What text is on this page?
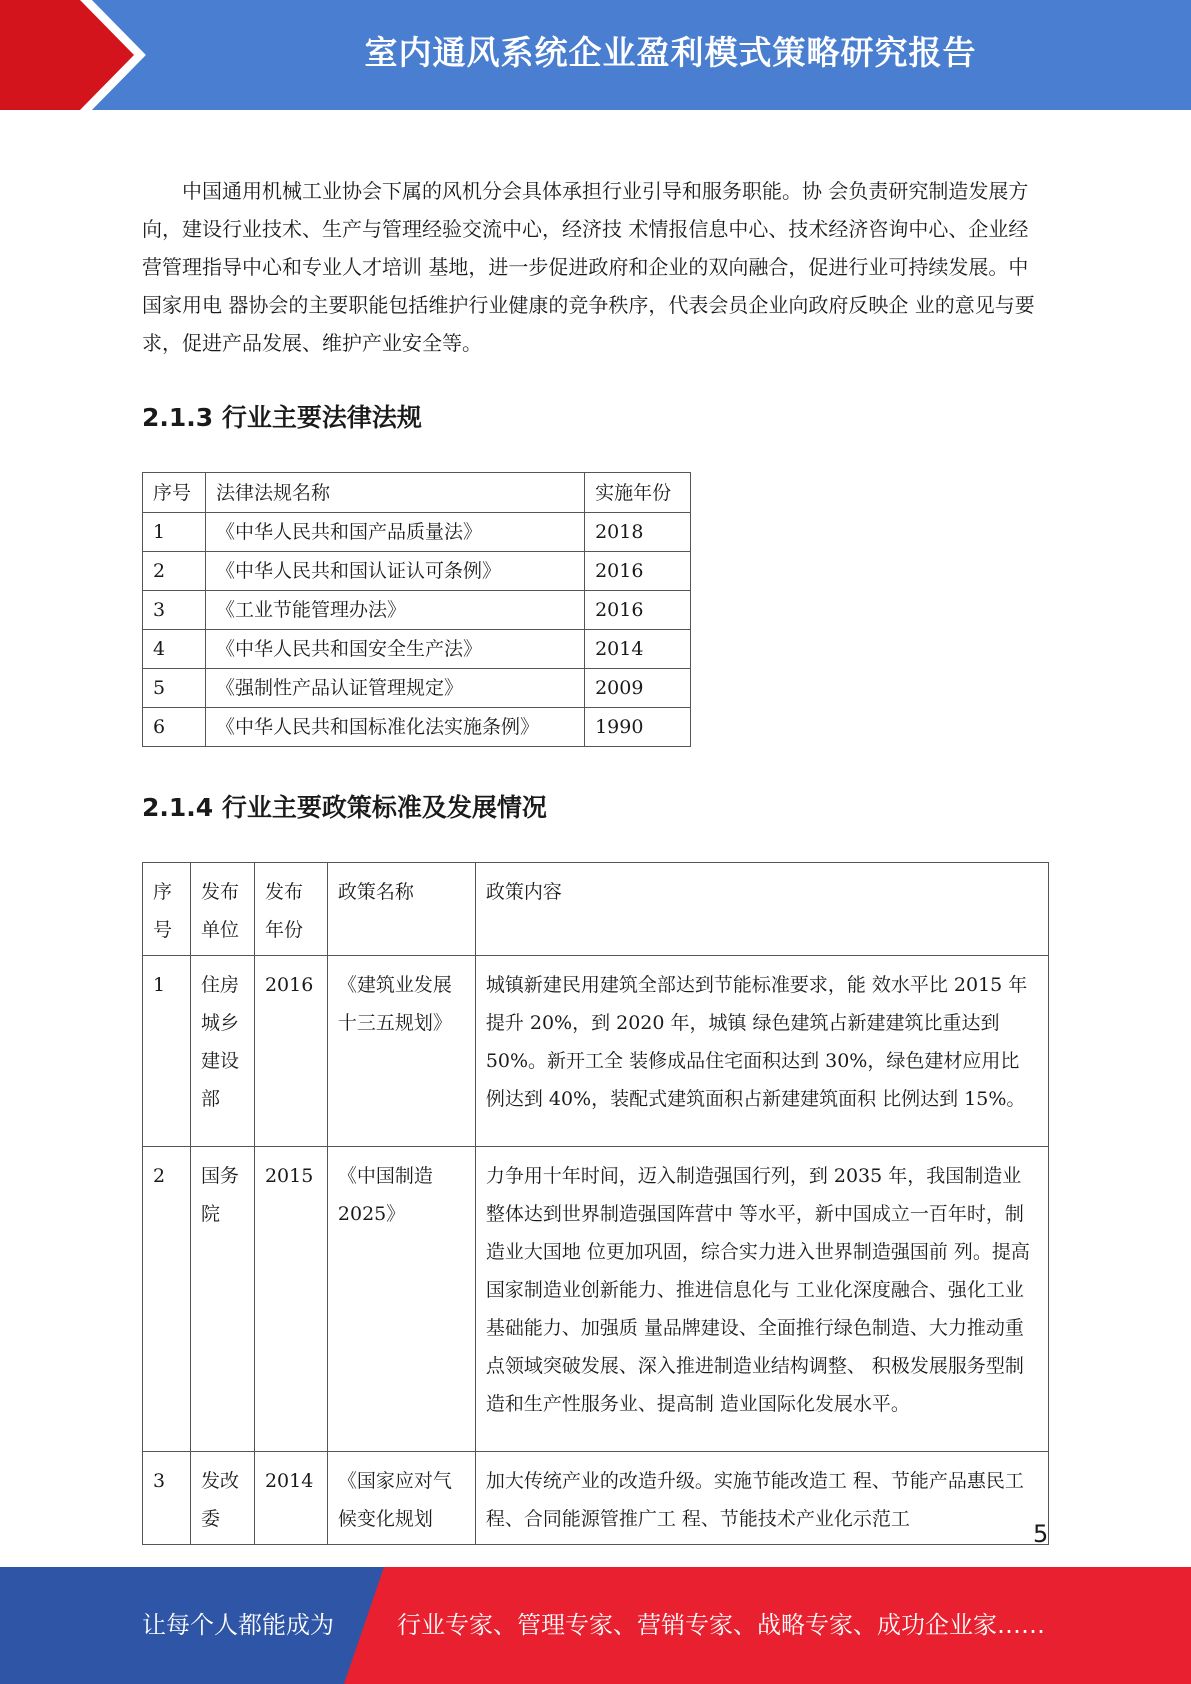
室内通风系统企业盈利模式策略研究报告

中国通用机械工业协会下属的风机分会具体承担行业引导和服务职能。协 会负责研究制造发展方向，建设行业技术、生产与管理经验交流中心，经济技 术情报信息中心、技术经济咨询中心、企业经营管理指导中心和专业人才培训 基地，进一步促进政府和企业的双向融合，促进行业可持续发展。中国家用电 器协会的主要职能包括维护行业健康的竞争秩序，代表会员企业向政府反映企 业的意见与要求，促进产品发展、维护产业安全等。

2.1.3 行业主要法律法规
序号	法律法规名称	实施年份
1	《中华人民共和国产品质量法》	2018
2	《中华人民共和国认证认可条例》	2016
3	《工业节能管理办法》	2016
4	《中华人民共和国安全生产法》	2014
5	《强制性产品认证管理规定》	2009
6	《中华人民共和国标准化法实施条例》	1990
2.1.4 行业主要政策标准及发展情况
序号	发布单位	发布年份	政策名称	政策内容
1	住房城乡建设部	2016	《建筑业发展十三五规划》	城镇新建民用建筑全部达到节能标准要求，能 效水平比 2015 年提升 20%，到 2020 年，城镇 绿色建筑占新建建筑比重达到 50%。新开工全 装修成品住宅面积达到 30%，绿色建材应用比 例达到 40%，装配式建筑面积占新建建筑面积 比例达到 15%。
2	国务院	2015	《中国制造2025》	力争用十年时间，迈入制造强国行列，到 2035 年，我国制造业整体达到世界制造强国阵营中 等水平，新中国成立一百年时，制造业大国地 位更加巩固，综合实力进入世界制造强国前 列。提高国家制造业创新能力、推进信息化与 工业化深度融合、强化工业基础能力、加强质 量品牌建设、全面推行绿色制造、大力推动重 点领域突破发展、深入推进制造业结构调整、 积极发展服务型制造和生产性服务业、提高制 造业国际化发展水平。
3	发改委	2014	《国家应对气候变化规划	加大传统产业的改造升级。实施节能改造工 程、节能产品惠民工程、合同能源管推广工 程、节能技术产业化示范工
5
让每个人都能成为	行业专家、管理专家、营销专家、战略专家、成功企业家……
